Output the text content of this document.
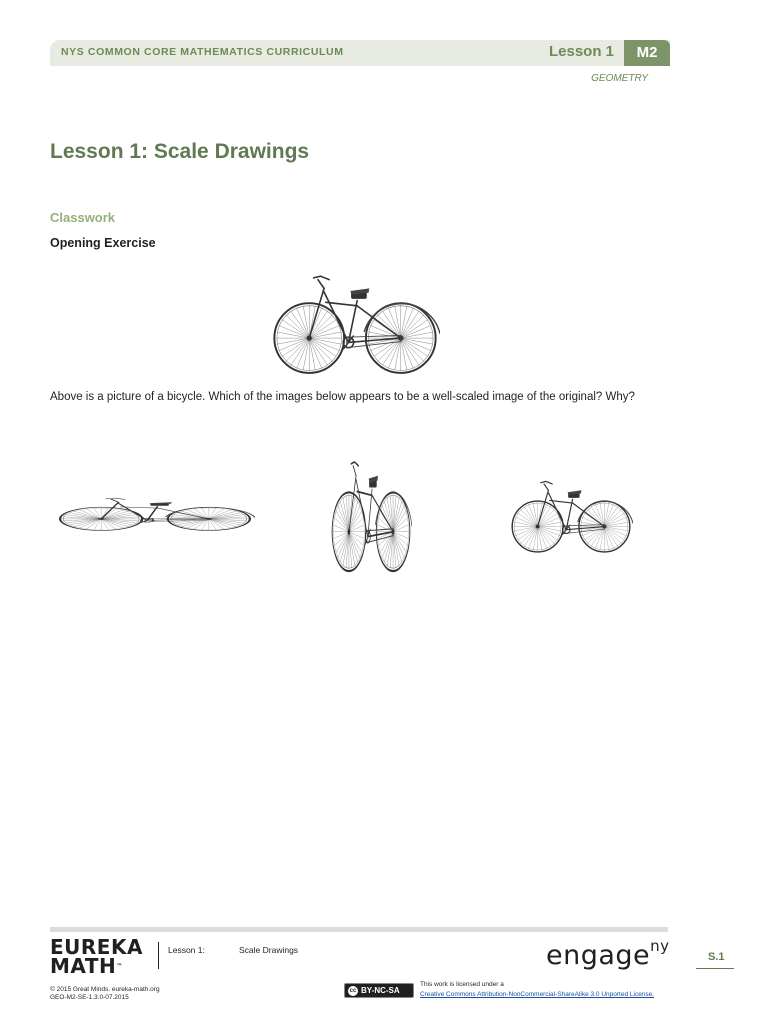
NYS COMMON CORE MATHEMATICS CURRICULUM	Lesson 1	M2
GEOMETRY
Lesson 1: Scale Drawings
Classwork
Opening Exercise
Above is a picture of a bicycle. Which of the images below appears to be a well-scaled image of the original? Why?
EUREKA
MATH™
Lesson 1:	Scale Drawings	engage$^{ny}$
S.1
© 2015 Great Minds. eureka-math.org
GEO-M2-SE-1.3.0-07.2015
cc BY-NC-SA
This work is licensed under a
Creative Commons Attribution-NonCommercial-ShareAlike 3.0 Unported License.
